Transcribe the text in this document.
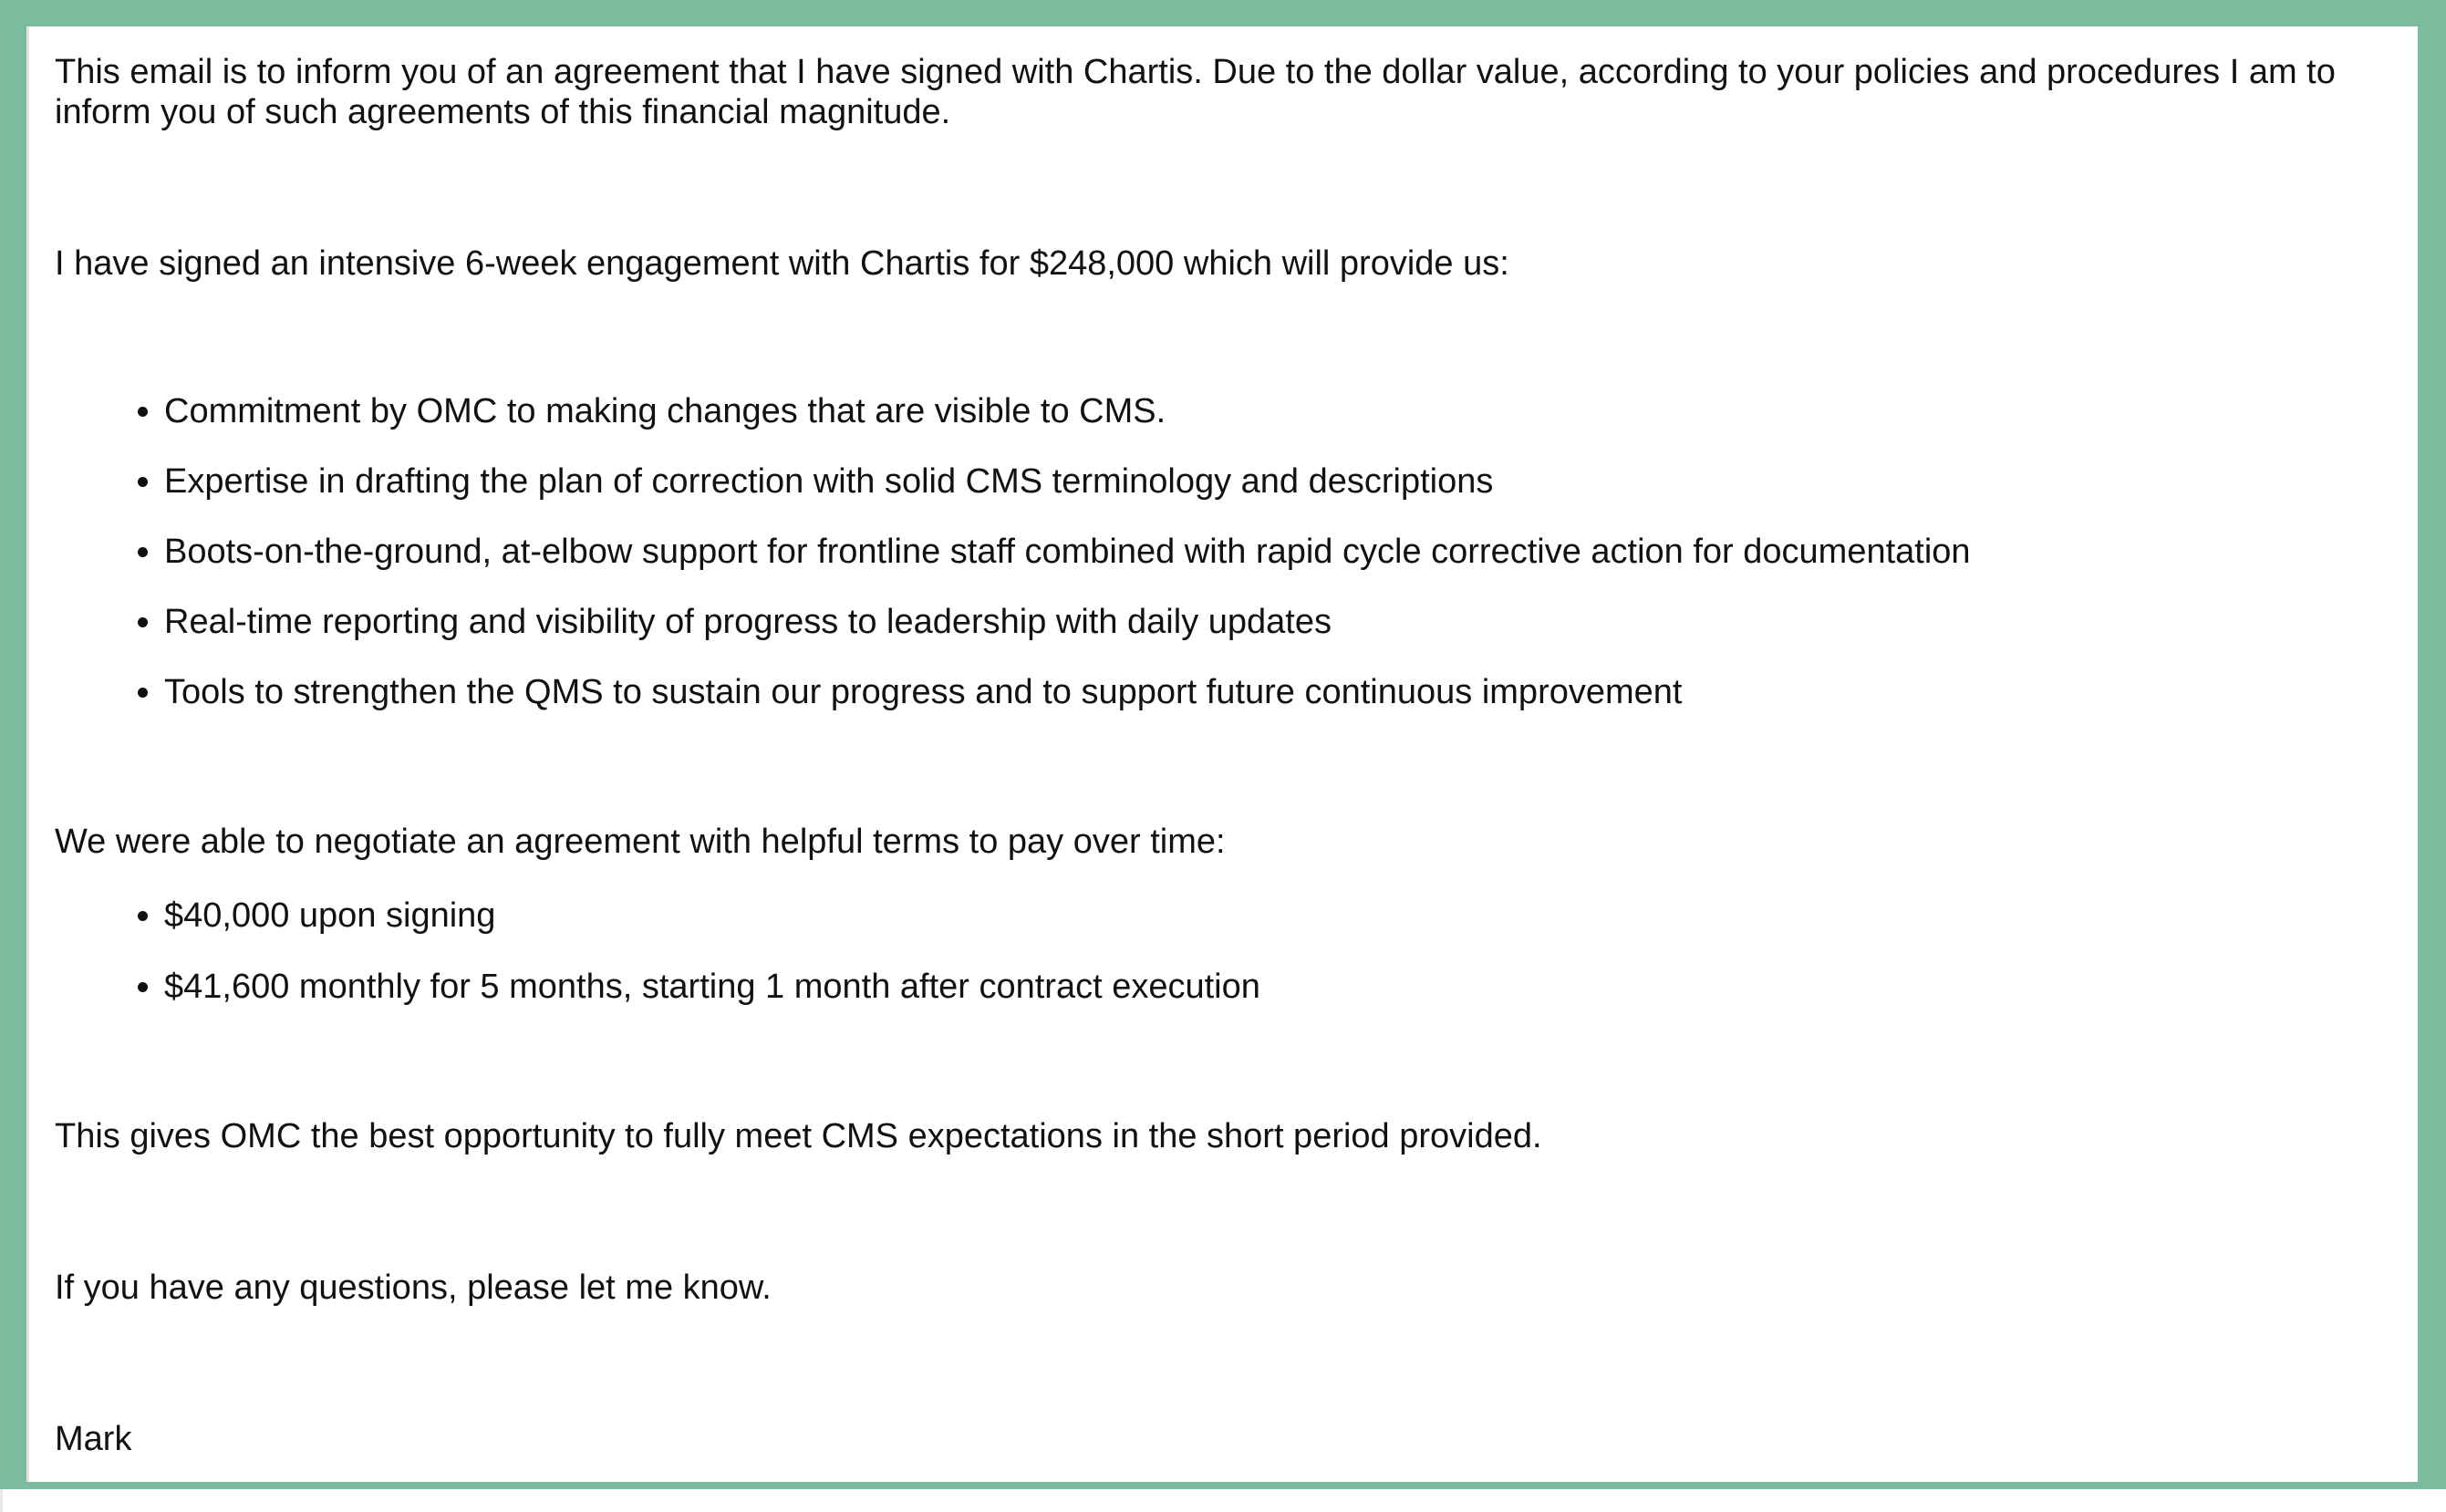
This email is to inform you of an agreement that I have signed with Chartis. Due to the dollar value, according to your policies and procedures I am to inform you of such agreements of this financial magnitude.

I have signed an intensive 6-week engagement with Chartis for $248,000 which will provide us:

• Commitment by OMC to making changes that are visible to CMS.
• Expertise in drafting the plan of correction with solid CMS terminology and descriptions
• Boots-on-the-ground, at-elbow support for frontline staff combined with rapid cycle corrective action for documentation
• Real-time reporting and visibility of progress to leadership with daily updates
• Tools to strengthen the QMS to sustain our progress and to support future continuous improvement

We were able to negotiate an agreement with helpful terms to pay over time:

• $40,000 upon signing
• $41,600 monthly for 5 months, starting 1 month after contract execution

This gives OMC the best opportunity to fully meet CMS expectations in the short period provided.

If you have any questions, please let me know.

Mark
